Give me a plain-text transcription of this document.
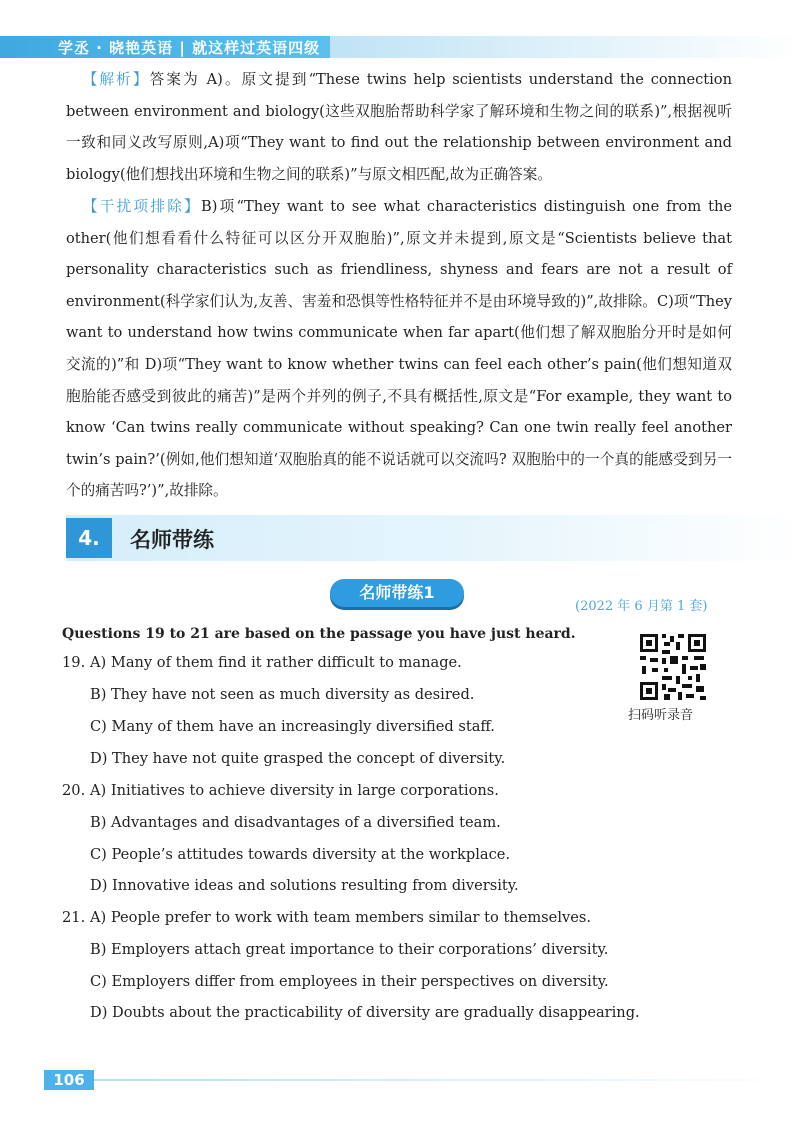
学丞 · 晓艳英语 | 就这样过英语四级

 【解析】答案为 A)。原文提到“These twins help scientists understand the connection between environment and biology(这些双胞胎帮助科学家了解环境和生物之间的联系)”,根据视听一致和同义改写原则,A)项“They want to find out the relationship between environment and biology(他们想找出环境和生物之间的联系)”与原文相匹配,故为正确答案。

 【干扰项排除】B)项“They want to see what characteristics distinguish one from the other(他们想看看什么特征可以区分开双胞胎)”,原文并未提到,原文是“Scientists believe that personality characteristics such as friendliness, shyness and fears are not a result of environment(科学家们认为,友善、害羞和恐惧等性格特征并不是由环境导致的)”,故排除。C)项“They want to understand how twins communicate when far apart(他们想了解双胞胎分开时是如何交流的)”和 D)项“They want to know whether twins can feel each other’s pain(他们想知道双胞胎能否感受到彼此的痛苦)”是两个并列的例子,不具有概括性,原文是“For example, they want to know ‘Can twins really communicate without speaking? Can one twin really feel another twin’s pain?’(例如,他们想知道‘双胞胎真的能不说话就可以交流吗? 双胞胎中的一个真的能感受到另一个的痛苦吗?’)”,故排除。

4.	名师带练
名师带练1
(2022 年 6 月第 1 套)
Questions 19 to 21 are based on the passage you have just heard.
19. A) Many of them find it rather difficult to manage.
B) They have not seen as much diversity as desired.
C) Many of them have an increasingly diversified staff.
D) They have not quite grasped the concept of diversity.
20. A) Initiatives to achieve diversity in large corporations.
B) Advantages and disadvantages of a diversified team.
C) People’s attitudes towards diversity at the workplace.
D) Innovative ideas and solutions resulting from diversity.
21. A) People prefer to work with team members similar to themselves.
B) Employers attach great importance to their corporations’ diversity.
C) Employers differ from employees in their perspectives on diversity.
D) Doubts about the practicability of diversity are gradually disappearing.
扫码听录音
106
